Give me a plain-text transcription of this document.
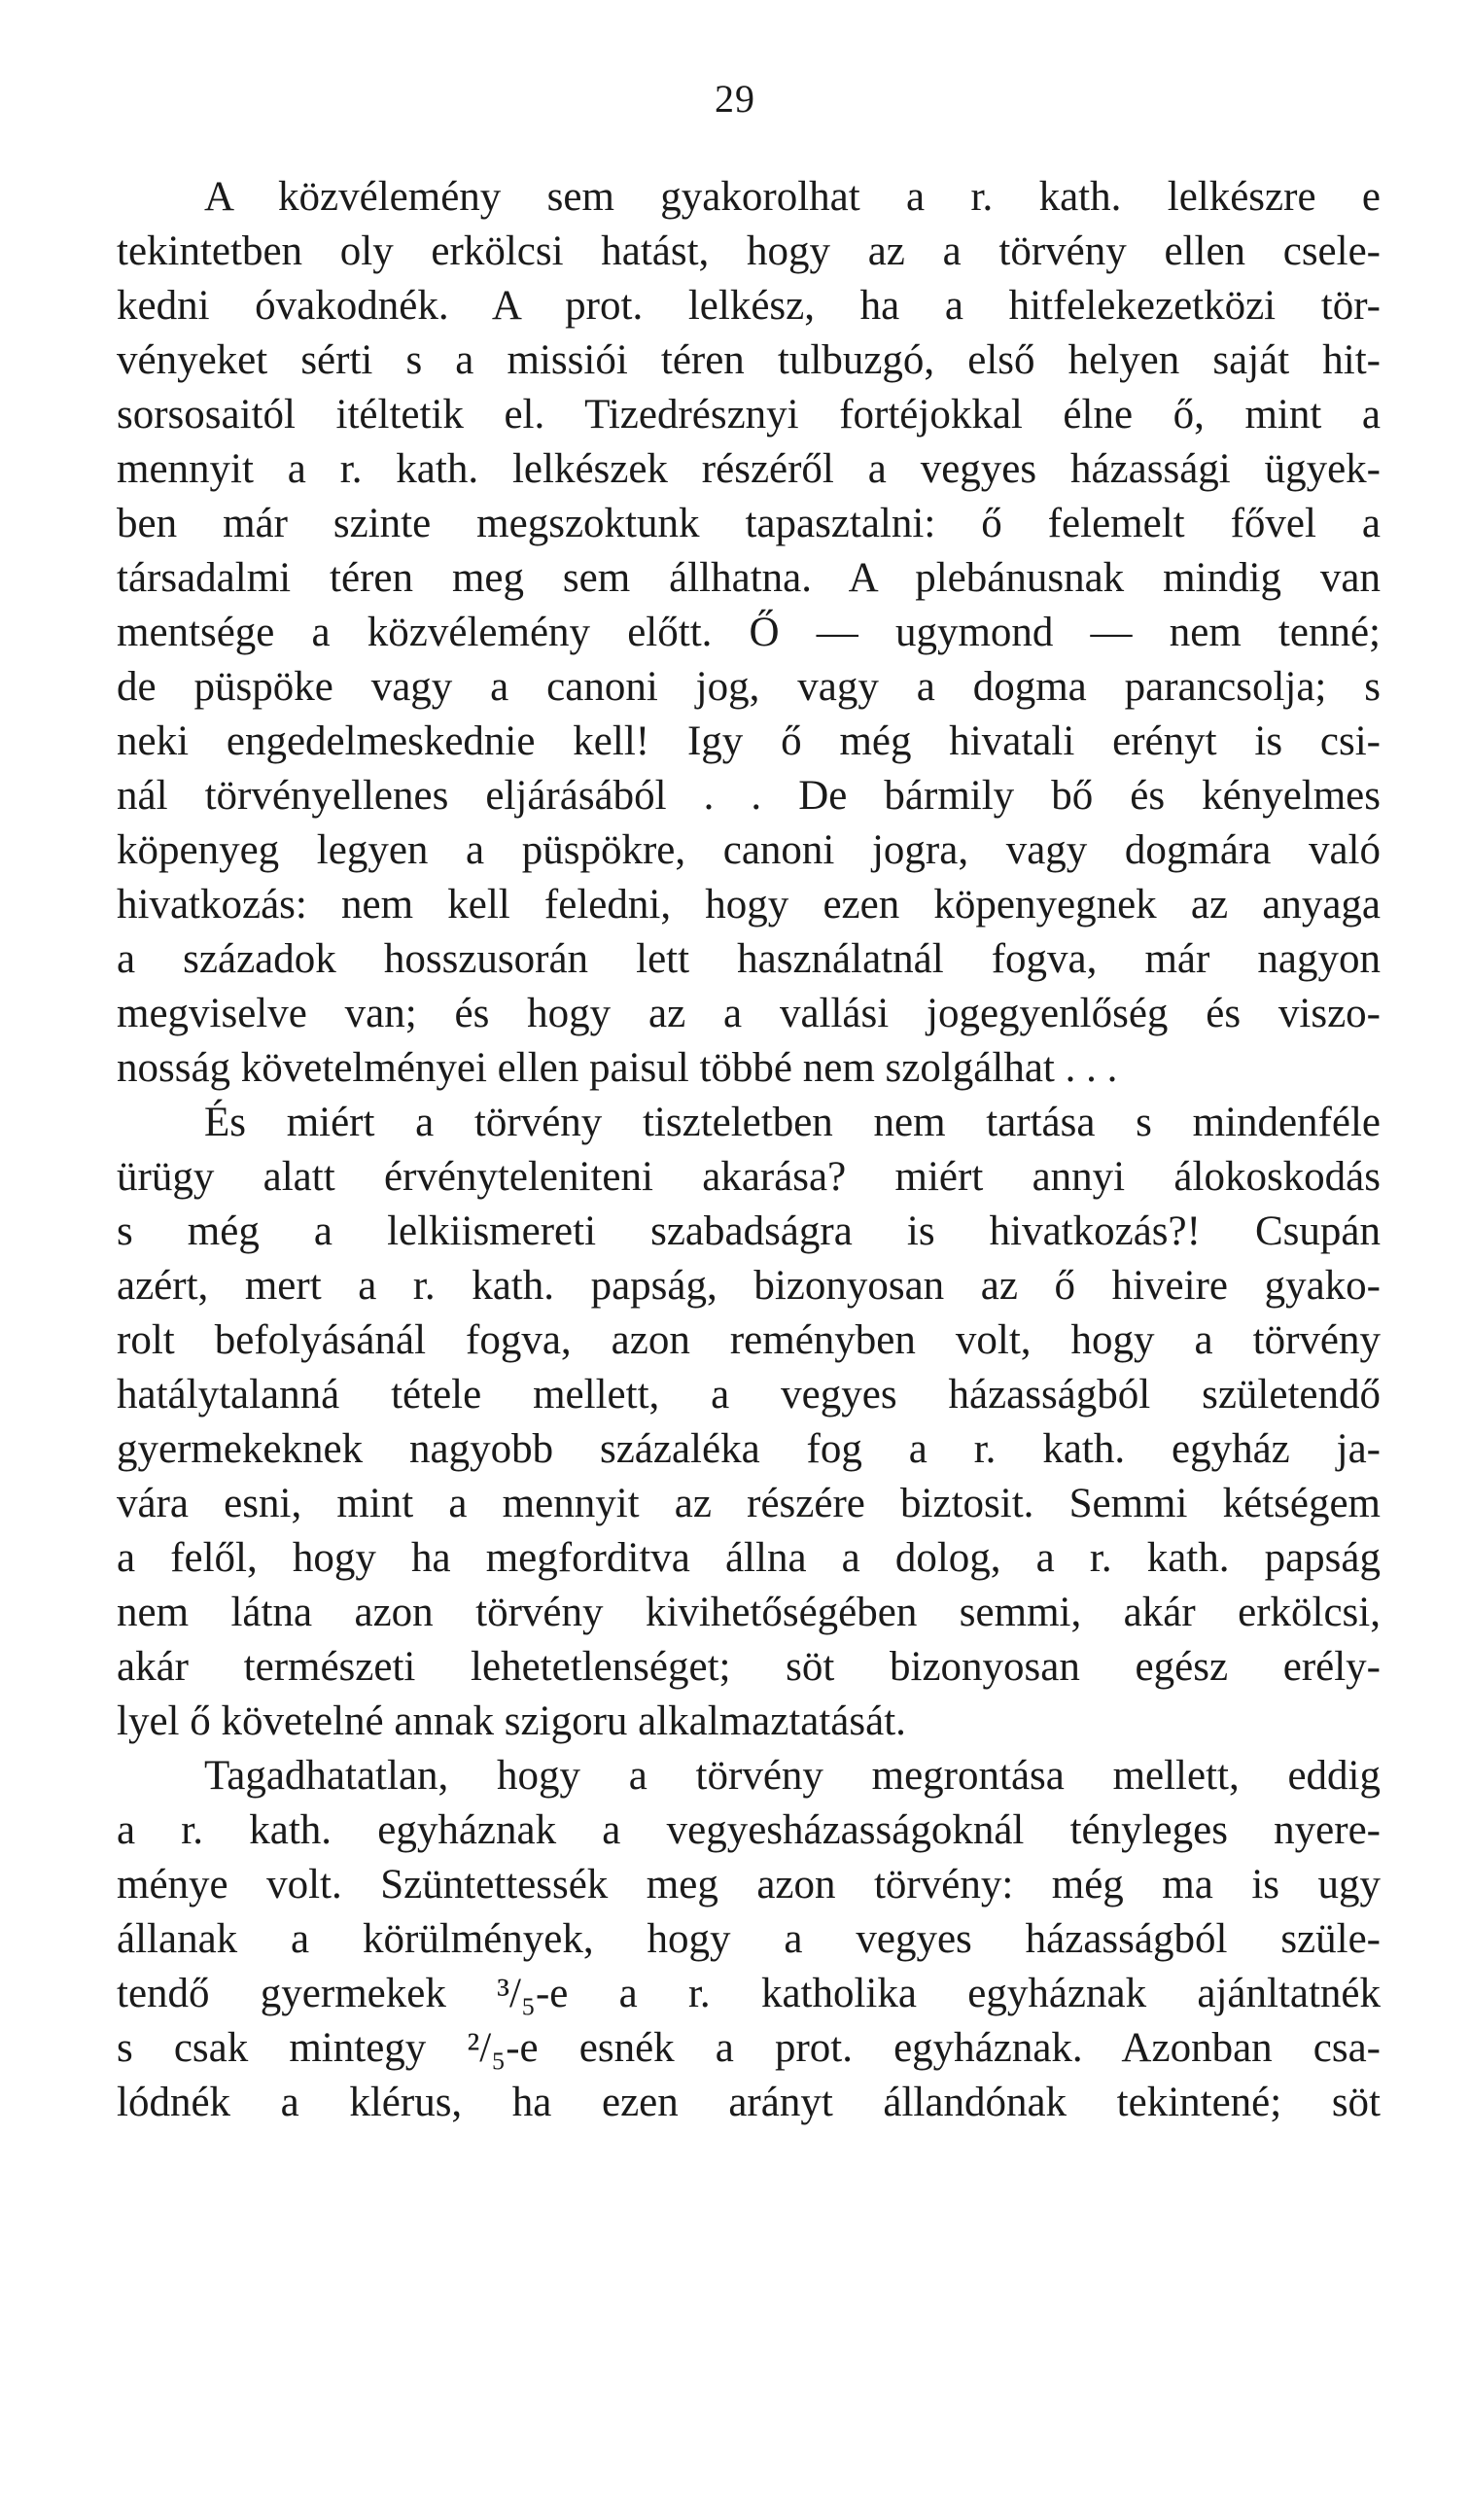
29
A közvélemény sem gyakorolhat a r. kath. lelkészre e
tekintetben oly erkölcsi hatást, hogy az a törvény ellen csele-
kedni óvakodnék. A prot. lelkész, ha a hitfelekezetközi tör-
vényeket sérti s a missiói téren tulbuzgó, első helyen saját hit-
sorsosaitól itéltetik el. Tizedrésznyi fortéjokkal élne ő, mint a
mennyit a r. kath. lelkészek részéről a vegyes házassági ügyek-
ben már szinte megszoktunk tapasztalni: ő felemelt fővel a
társadalmi téren meg sem állhatna. A plebánusnak mindig van
mentsége a közvélemény előtt. Ő — ugymond — nem tenné;
de püspöke vagy a canoni jog, vagy a dogma parancsolja; s
neki engedelmeskednie kell! Igy ő még hivatali erényt is csi-
nál törvényellenes eljárásából . . De bármily bő és kényelmes
köpenyeg legyen a püspökre, canoni jogra, vagy dogmára való
hivatkozás: nem kell feledni, hogy ezen köpenyegnek az anyaga
a századok hosszusorán lett használatnál fogva, már nagyon
megviselve van; és hogy az a vallási jogegyenlőség és viszo-
nosság követelményei ellen paisul többé nem szolgálhat . . .
És miért a törvény tiszteletben nem tartása s mindenféle
ürügy alatt érvényteleniteni akarása? miért annyi álokoskodás
s még a lelkiismereti szabadságra is hivatkozás?! Csupán
azért, mert a r. kath. papság, bizonyosan az ő hiveire gyako-
rolt befolyásánál fogva, azon reményben volt, hogy a törvény
hatálytalanná tétele mellett, a vegyes házasságból születendő
gyermekeknek nagyobb százaléka fog a r. kath. egyház ja-
vára esni, mint a mennyit az részére biztosit. Semmi kétségem
a felől, hogy ha megforditva állna a dolog, a r. kath. papság
nem látna azon törvény kivihetőségében semmi, akár erkölcsi,
akár természeti lehetetlenséget; söt bizonyosan egész erély-
lyel ő követelné annak szigoru alkalmaztatását.
Tagadhatatlan, hogy a törvény megrontása mellett, eddig
a r. kath. egyháznak a vegyesházasságoknál tényleges nyere-
ménye volt. Szüntettessék meg azon törvény: még ma is ugy
állanak a körülmények, hogy a vegyes házasságból szüle-
tendő gyermekek ³/₅-e a r. katholika egyháznak ajánltatnék
s csak mintegy ²/₅-e esnék a prot. egyháznak. Azonban csa-
lódnék a klérus, ha ezen arányt állandónak tekintené; söt
